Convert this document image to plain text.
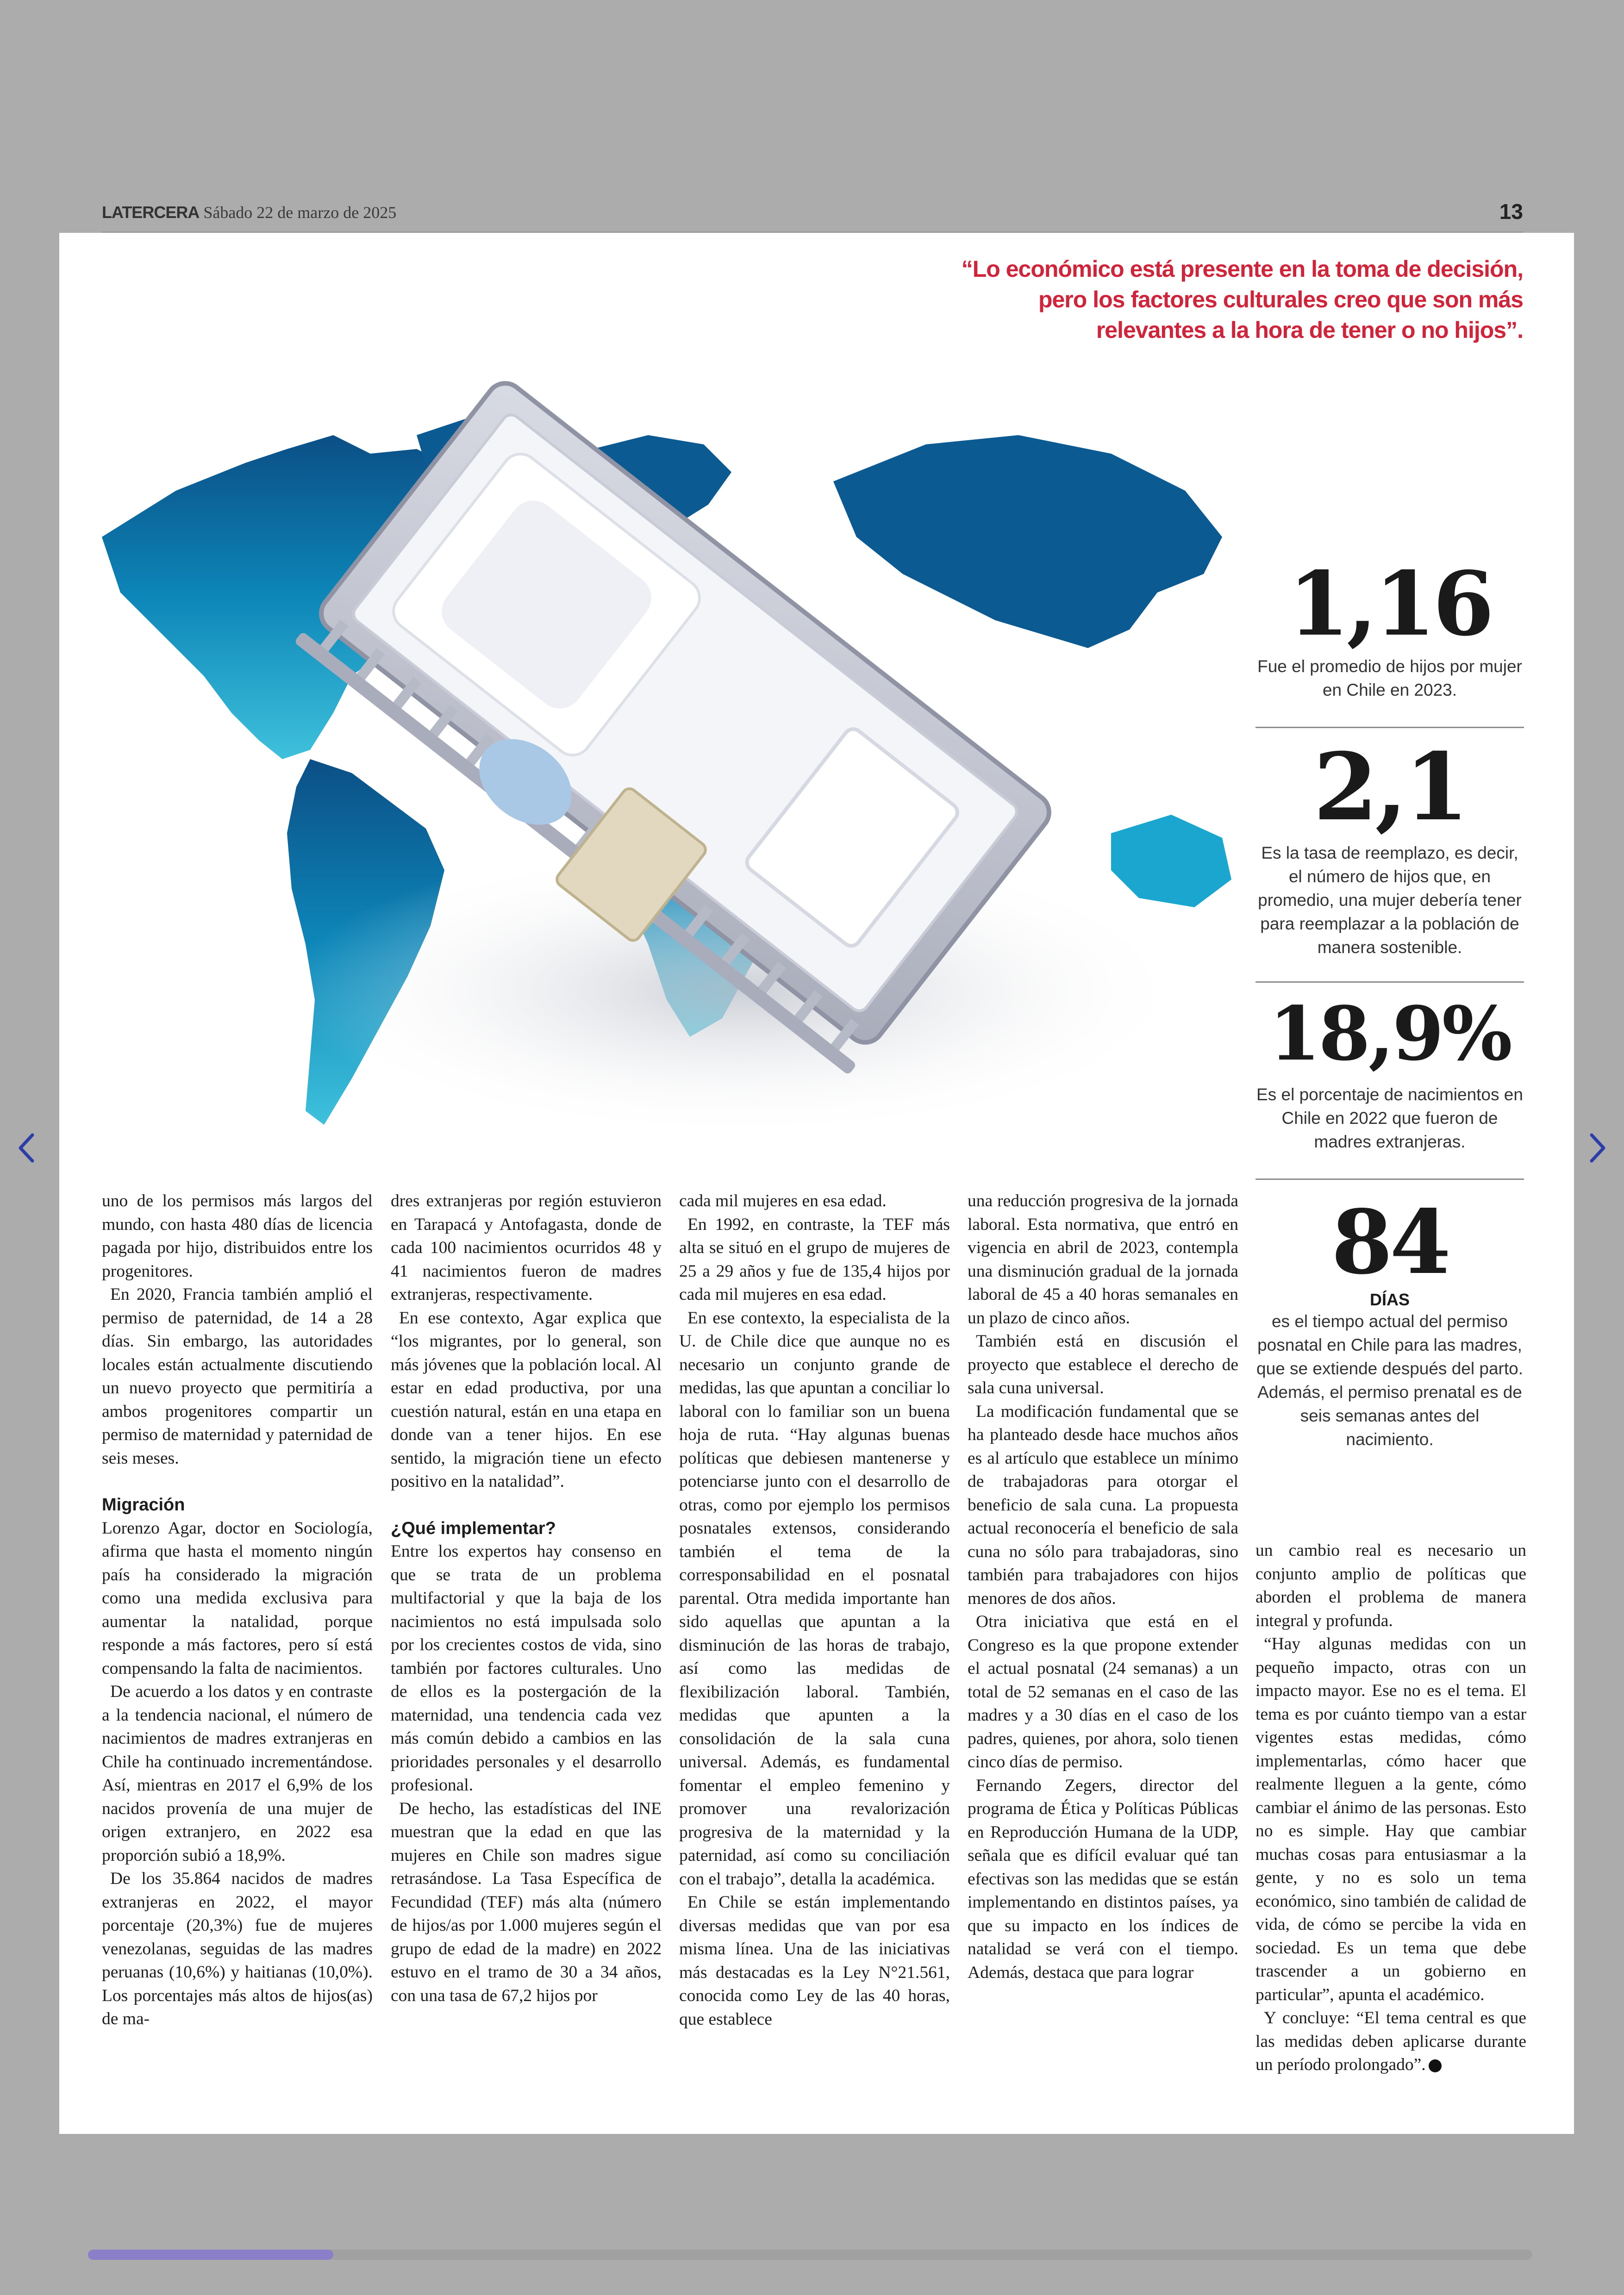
LATERCERA Sábado 22 de marzo de 2025	13
“Lo económico está presente en la toma de decisión, pero los factores culturales creo que son más relevantes a la hora de tener o no hijos”.
1,16
Fue el promedio de hijos por mujer en Chile en 2023.
2,1
Es la tasa de reemplazo, es decir, el número de hijos que, en promedio, una mujer debería tener para reemplazar a la población de manera sostenible.
18,9%
Es el porcentaje de nacimientos en Chile en 2022 que fueron de madres extranjeras.
84
DÍAS
es el tiempo actual del permiso posnatal en Chile para las madres, que se extiende después del parto. Además, el permiso prenatal es de seis semanas antes del nacimiento.

uno de los permisos más largos del mundo, con hasta 480 días de licencia pagada por hijo, distribuidos entre los progenitores.

En 2020, Francia también amplió el permiso de paternidad, de 14 a 28 días. Sin embargo, las autoridades locales están actualmente discutiendo un nuevo proyecto que permitiría a ambos progenitores compartir un permiso de maternidad y paternidad de seis meses.

Migración

Lorenzo Agar, doctor en Sociología, afirma que hasta el momento ningún país ha considerado la migración como una medida exclusiva para aumentar la natalidad, porque responde a más factores, pero sí está compensando la falta de nacimientos.

De acuerdo a los datos y en contraste a la tendencia nacional, el número de nacimientos de madres extranjeras en Chile ha continuado incrementándose. Así, mientras en 2017 el 6,9% de los nacidos provenía de una mujer de origen extranjero, en 2022 esa proporción subió a 18,9%.

De los 35.864 nacidos de madres extranjeras en 2022, el mayor porcentaje (20,3%) fue de mujeres venezolanas, seguidas de las madres peruanas (10,6%) y haitianas (10,0%). Los porcentajes más altos de hijos(as) de ma-

dres extranjeras por región estuvieron en Tarapacá y Antofagasta, donde de cada 100 nacimientos ocurridos 48 y 41 nacimientos fueron de madres extranjeras, respectivamente.

En ese contexto, Agar explica que “los migrantes, por lo general, son más jóvenes que la población local. Al estar en edad productiva, por una cuestión natural, están en una etapa en donde van a tener hijos. En ese sentido, la migración tiene un efecto positivo en la natalidad”.

¿Qué implementar?

Entre los expertos hay consenso en que se trata de un problema multifactorial y que la baja de los nacimientos no está impulsada solo por los crecientes costos de vida, sino también por factores culturales. Uno de ellos es la postergación de la maternidad, una tendencia cada vez más común debido a cambios en las prioridades personales y el desarrollo profesional.

De hecho, las estadísticas del INE muestran que la edad en que las mujeres en Chile son madres sigue retrasándose. La Tasa Específica de Fecundidad (TEF) más alta (número de hijos/as por 1.000 mujeres según el grupo de edad de la madre) en 2022 estuvo en el tramo de 30 a 34 años, con una tasa de 67,2 hijos por

cada mil mujeres en esa edad.

En 1992, en contraste, la TEF más alta se situó en el grupo de mujeres de 25 a 29 años y fue de 135,4 hijos por cada mil mujeres en esa edad.

En ese contexto, la especialista de la U. de Chile dice que aunque no es necesario un conjunto grande de medidas, las que apuntan a conciliar lo laboral con lo familiar son un buena hoja de ruta. “Hay algunas buenas políticas que debiesen mantenerse y potenciarse junto con el desarrollo de otras, como por ejemplo los permisos posnatales extensos, considerando también el tema de la corresponsabilidad en el posnatal parental. Otra medida importante han sido aquellas que apuntan a la disminución de las horas de trabajo, así como las medidas de flexibilización laboral. También, medidas que apunten a la consolidación de la sala cuna universal. Además, es fundamental fomentar el empleo femenino y promover una revalorización progresiva de la maternidad y la paternidad, así como su conciliación con el trabajo”, detalla la académica.

En Chile se están implementando diversas medidas que van por esa misma línea. Una de las iniciativas más destacadas es la Ley N°21.561, conocida como Ley de las 40 horas, que establece

una reducción progresiva de la jornada laboral. Esta normativa, que entró en vigencia en abril de 2023, contempla una disminución gradual de la jornada laboral de 45 a 40 horas semanales en un plazo de cinco años.

También está en discusión el proyecto que establece el derecho de sala cuna universal.

La modificación fundamental que se ha planteado desde hace muchos años es al artículo que establece un mínimo de trabajadoras para otorgar el beneficio de sala cuna. La propuesta actual reconocería el beneficio de sala cuna no sólo para trabajadoras, sino también para trabajadores con hijos menores de dos años.

Otra iniciativa que está en el Congreso es la que propone extender el actual posnatal (24 semanas) a un total de 52 semanas en el caso de las madres y a 30 días en el caso de los padres, quienes, por ahora, solo tienen cinco días de permiso.

Fernando Zegers, director del programa de Ética y Políticas Públicas en Reproducción Humana de la UDP, señala que es difícil evaluar qué tan efectivas son las medidas que se están implementando en distintos países, ya que su impacto en los índices de natalidad se verá con el tiempo. Además, destaca que para lograr

un cambio real es necesario un conjunto amplio de políticas que aborden el problema de manera integral y profunda.

“Hay algunas medidas con un pequeño impacto, otras con un impacto mayor. Ese no es el tema. El tema es por cuánto tiempo van a estar vigentes estas medidas, cómo implementarlas, cómo hacer que realmente lleguen a la gente, cómo cambiar el ánimo de las personas. Esto no es simple. Hay que cambiar muchas cosas para entusiasmar a la gente, y no es solo un tema económico, sino también de calidad de vida, de cómo se percibe la vida en sociedad. Es un tema que debe trascender a un gobierno en particular”, apunta el académico.

Y concluye: “El tema central es que las medidas deben aplicarse durante un período prolongado”.
